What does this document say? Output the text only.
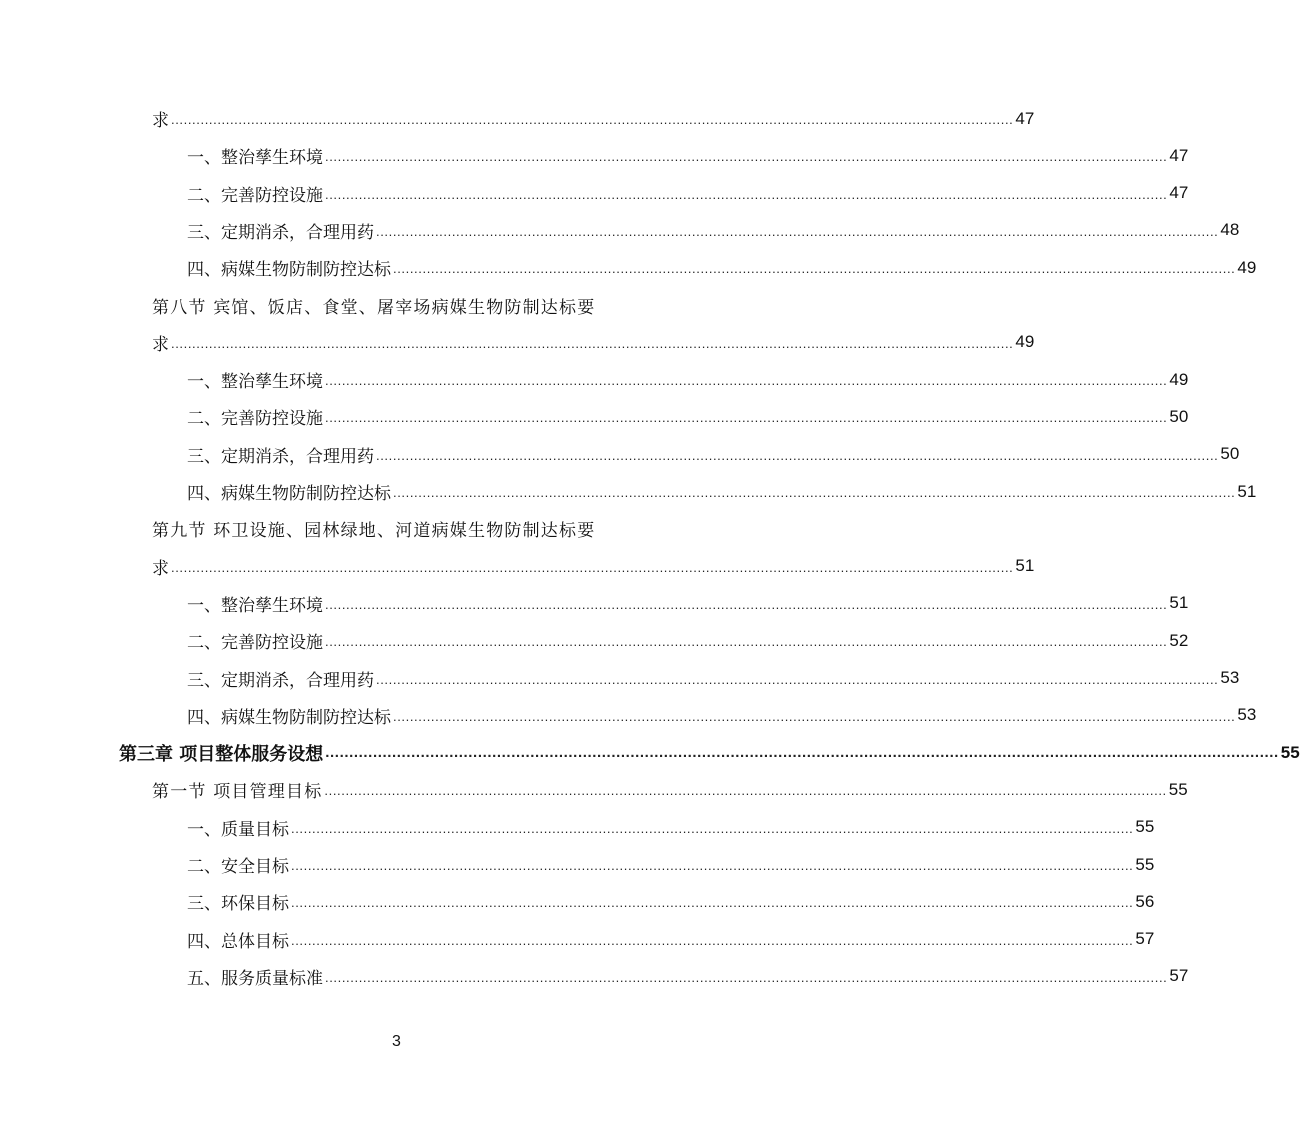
求 ........................................................................................................................................................................................................ 47
一、整治孳生环境 ........................................................................................................................................................................................................ 47
二、完善防控设施 ........................................................................................................................................................................................................ 47
三、定期消杀，合理用药 ........................................................................................................................................................................................................ 48
四、病媒生物防制防控达标 ........................................................................................................................................................................................................ 49
第八节 宾馆、饭店、食堂、屠宰场病媒生物防制达标要
求 ........................................................................................................................................................................................................ 49
一、整治孳生环境 ........................................................................................................................................................................................................ 49
二、完善防控设施 ........................................................................................................................................................................................................ 50
三、定期消杀，合理用药 ........................................................................................................................................................................................................ 50
四、病媒生物防制防控达标 ........................................................................................................................................................................................................ 51
第九节 环卫设施、园林绿地、河道病媒生物防制达标要
求 ........................................................................................................................................................................................................ 51
一、整治孳生环境 ........................................................................................................................................................................................................ 51
二、完善防控设施 ........................................................................................................................................................................................................ 52
三、定期消杀，合理用药 ........................................................................................................................................................................................................ 53
四、病媒生物防制防控达标 ........................................................................................................................................................................................................ 53
第三章 项目整体服务设想 ........................................................................................................................................................................................................ 55
第一节 项目管理目标 ........................................................................................................................................................................................................ 55
一、质量目标 ........................................................................................................................................................................................................ 55
二、安全目标 ........................................................................................................................................................................................................ 55
三、环保目标 ........................................................................................................................................................................................................ 56
四、总体目标 ........................................................................................................................................................................................................ 57
五、服务质量标准 ........................................................................................................................................................................................................ 57
3
